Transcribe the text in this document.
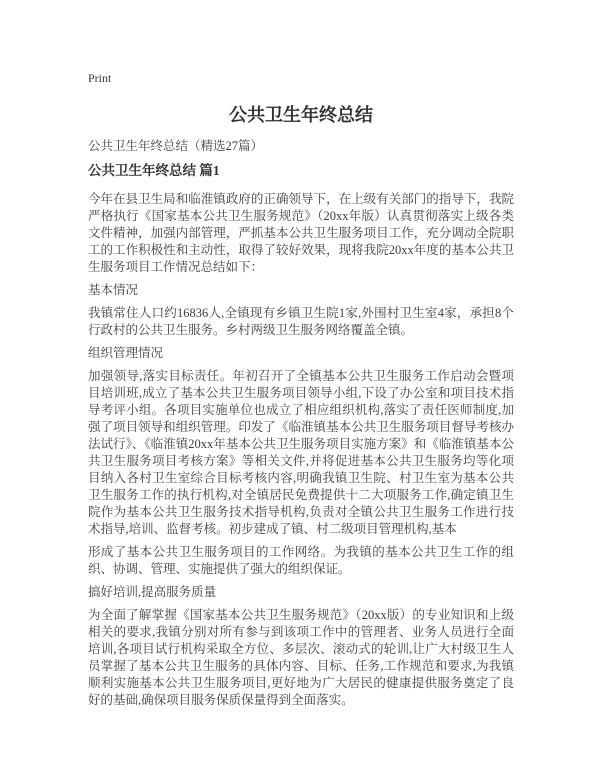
Print
公共卫生年终总结

公共卫生年终总结（精选27篇）

公共卫生年终总结 篇1

今年在县卫生局和临淮镇政府的正确领导下，在上级有关部门的指导下，我院严格执行《国家基本公共卫生服务规范》（20xx年版）认真贯彻落实上级各类文件精神，加强内部管理，严抓基本公共卫生服务项目工作，充分调动全院职工的工作积极性和主动性，取得了较好效果，现将我院20xx年度的基本公共卫生服务项目工作情况总结如下：

基本情况

我镇常住人口约16836人,全镇现有乡镇卫生院1家,外围村卫生室4家，承担8个行政村的公共卫生服务。乡村两级卫生服务网络覆盖全镇。

组织管理情况

加强领导,落实目标责任。年初召开了全镇基本公共卫生服务工作启动会暨项目培训班,成立了基本公共卫生服务项目领导小组,下设了办公室和项目技术指导考评小组。各项目实施单位也成立了相应组织机构,落实了责任医师制度,加强了项目领导和组织管理。印发了《临淮镇基本公共卫生服务项目督导考核办法试行》、《临淮镇20xx年基本公共卫生服务项目实施方案》和《临淮镇基本公共卫生服务项目考核方案》等相关文件,并将促进基本公共卫生服务均等化项目纳入各村卫生室综合目标考核内容,明确我镇卫生院、村卫生室为基本公共卫生服务工作的执行机构,对全镇居民免费提供十二大项服务工作,确定镇卫生院作为基本公共卫生服务技术指导机构,负责对全镇公共卫生服务工作进行技术指导,培训、监督考核。初步建成了镇、村二级项目管理机构,基本

形成了基本公共卫生服务项目的工作网络。为我镇的基本公共卫生工作的组织、协调、管理、实施提供了强大的组织保证。

搞好培训,提高服务质量

为全面了解掌握《国家基本公共卫生服务规范》（20xx版）的专业知识和上级相关的要求,我镇分别对所有参与到该项工作中的管理者、业务人员进行全面培训,各项目试行机构采取全方位、多层次、滚动式的轮训,让广大村级卫生人员掌握了基本公共卫生服务的具体内容、目标、任务,工作规范和要求,为我镇顺利实施基本公共卫生服务项目,更好地为广大居民的健康提供服务奠定了良好的基础,确保项目服务保质保量得到全面落实。
